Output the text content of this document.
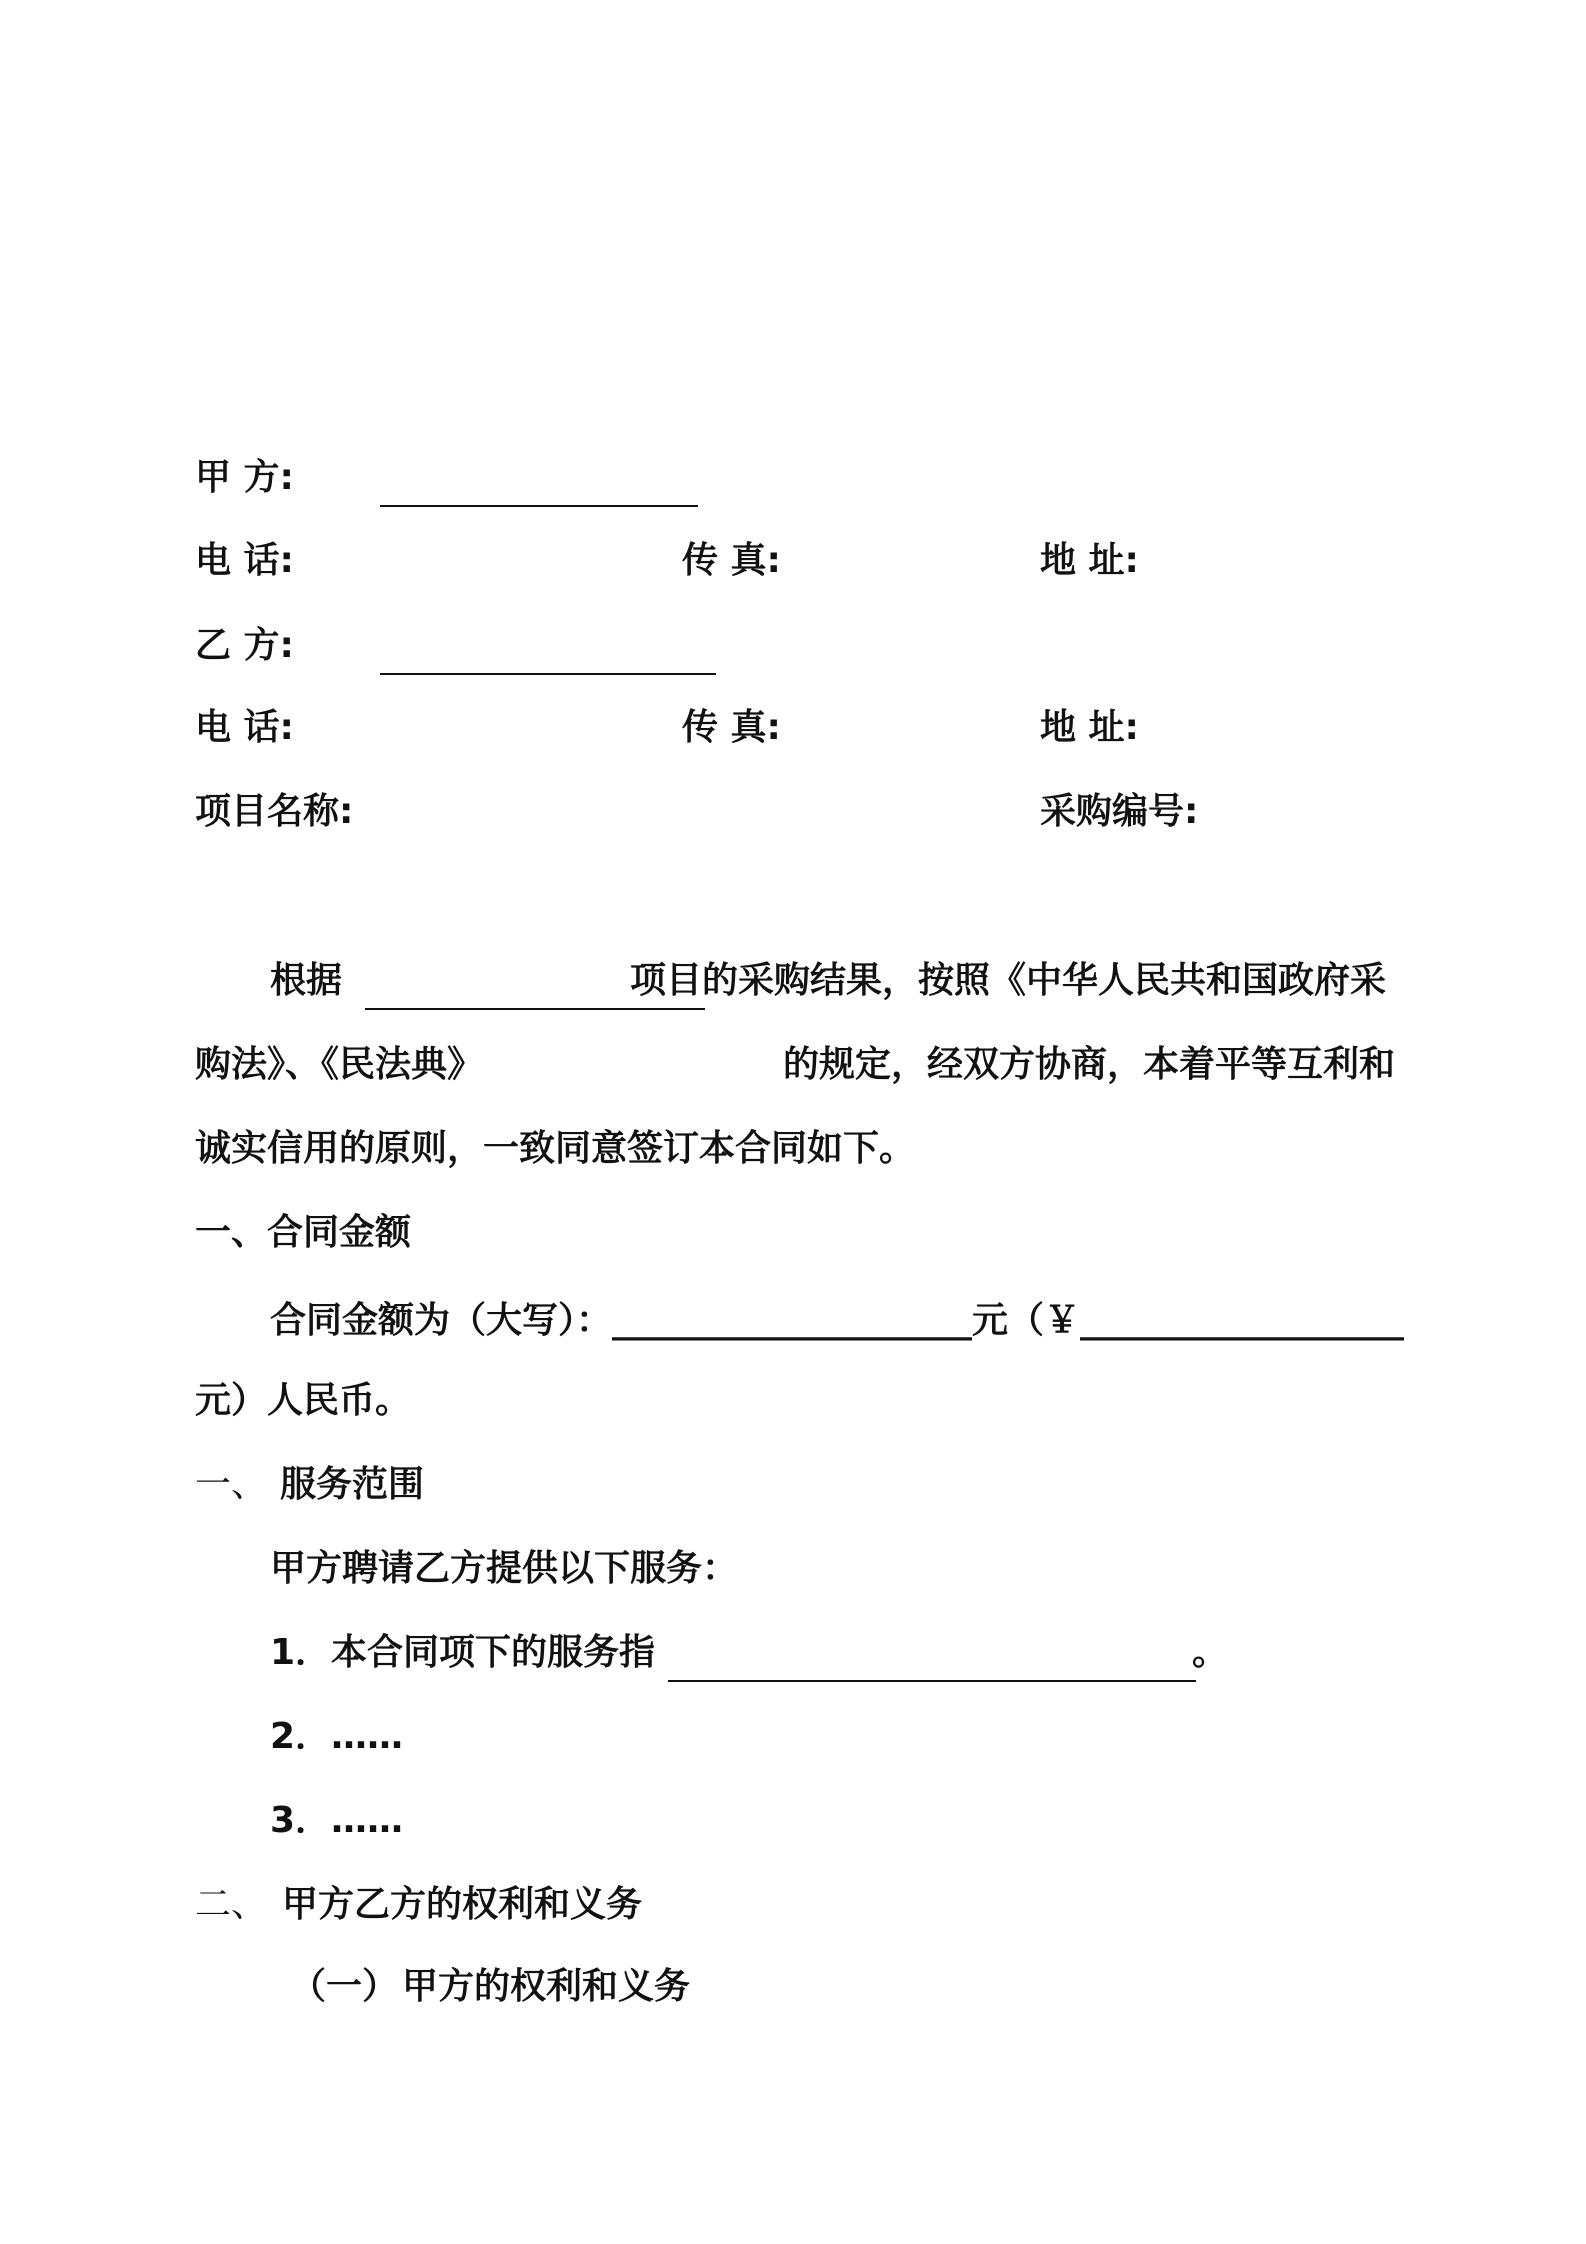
甲 方:
电 话:	传 真:	地 址:
乙 方:
电 话:	传 真:	地 址:
项目名称:	采购编号:
根据	项目的采购结果，按照《中华人民共和国政府采
购法》、《民法典》	的规定，经双方协商，本着平等互利和
诚实信用的原则，一致同意签订本合同如下。
一、合同金额
合同金额为（大写）：____________________元（￥__________________
元）人民币。
一、 服务范围
甲方聘请乙方提供以下服务：
1．本合同项下的服务指	。
2．……
3．……
二、 甲方乙方的权利和义务
（一） 甲方的权利和义务
